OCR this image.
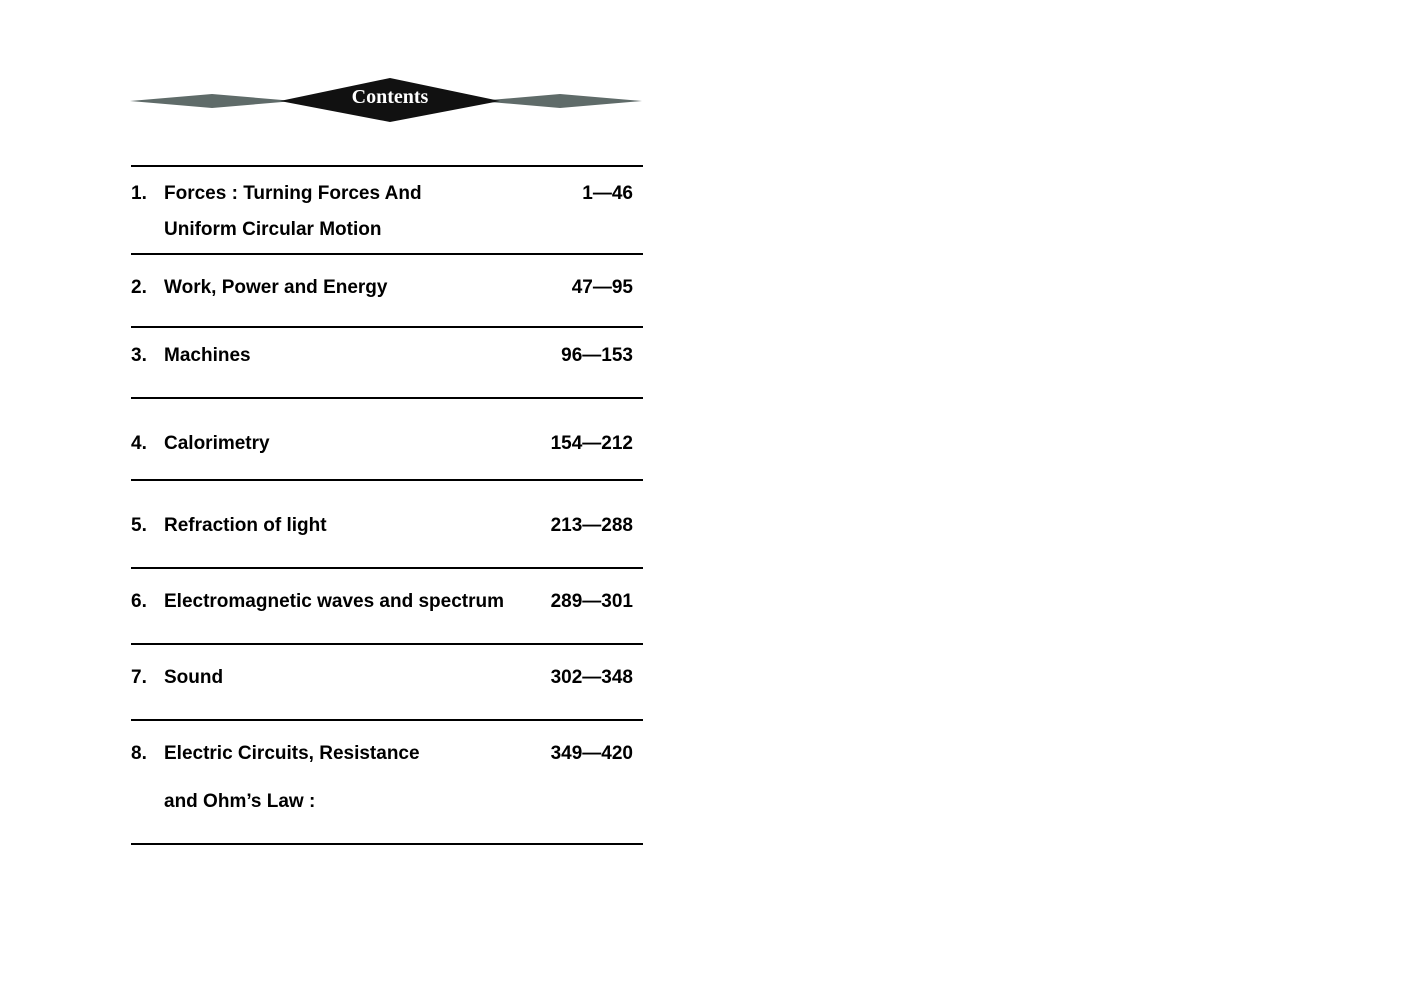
Contents
1. Forces : Turning Forces And
Uniform Circular Motion
1—46
2. Work, Power and Energy	47—95
3. Machines	96—153
4. Calorimetry	154—212
5. Refraction of light	213—288
6. Electromagnetic waves and spectrum 289—301
7. Sound	302—348
8. Electric Circuits, Resistance
and Ohm’s Law :
349—420
